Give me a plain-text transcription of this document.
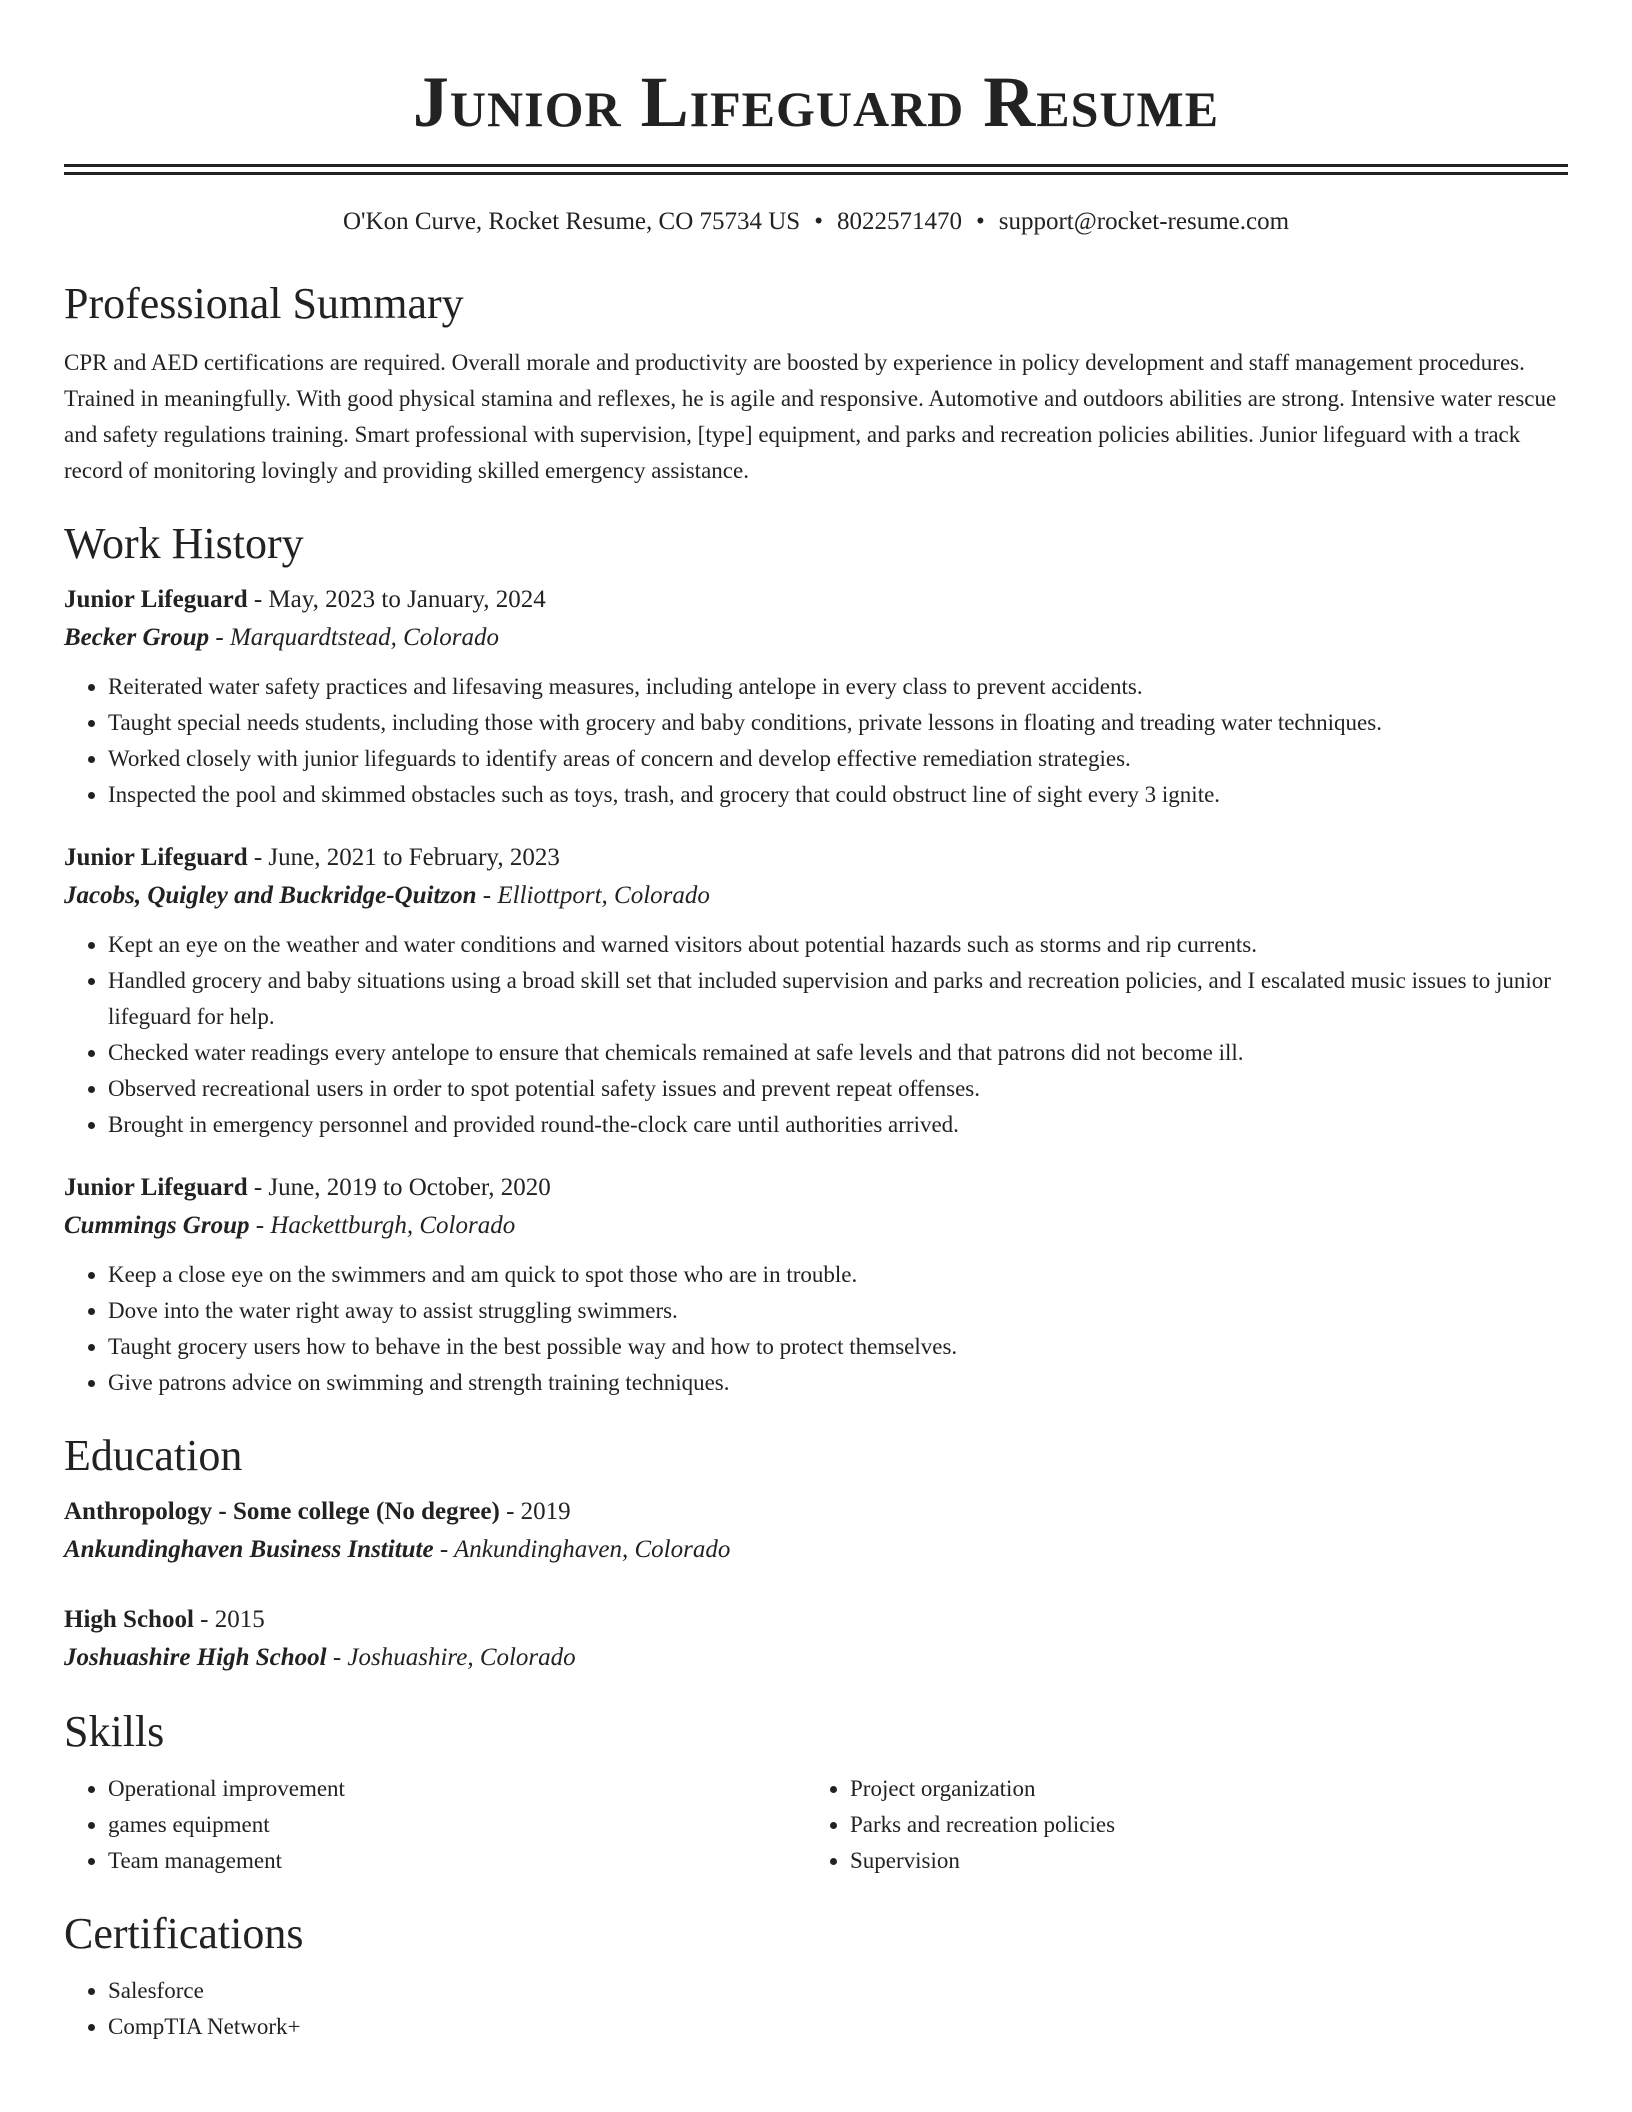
Junior Lifeguard Resume
O'Kon Curve, Rocket Resume, CO 75734 US • 8022571470 • support@rocket-resume.com
Professional Summary

CPR and AED certifications are required. Overall morale and productivity are boosted by experience in policy development and staff management procedures. Trained in meaningfully. With good physical stamina and reflexes, he is agile and responsive. Automotive and outdoors abilities are strong. Intensive water rescue and safety regulations training. Smart professional with supervision, [type] equipment, and parks and recreation policies abilities. Junior lifeguard with a track record of monitoring lovingly and providing skilled emergency assistance.

Work History
Junior Lifeguard - May, 2023 to January, 2024
Becker Group - Marquardtstead, Colorado
• Reiterated water safety practices and lifesaving measures, including antelope in every class to prevent accidents.
• Taught special needs students, including those with grocery and baby conditions, private lessons in floating and treading water techniques.
• Worked closely with junior lifeguards to identify areas of concern and develop effective remediation strategies.
• Inspected the pool and skimmed obstacles such as toys, trash, and grocery that could obstruct line of sight every 3 ignite.
Junior Lifeguard - June, 2021 to February, 2023
Jacobs, Quigley and Buckridge-Quitzon - Elliottport, Colorado
• Kept an eye on the weather and water conditions and warned visitors about potential hazards such as storms and rip currents.
• Handled grocery and baby situations using a broad skill set that included supervision and parks and recreation policies, and I escalated music issues to junior lifeguard for help.
• Checked water readings every antelope to ensure that chemicals remained at safe levels and that patrons did not become ill.
• Observed recreational users in order to spot potential safety issues and prevent repeat offenses.
• Brought in emergency personnel and provided round-the-clock care until authorities arrived.
Junior Lifeguard - June, 2019 to October, 2020
Cummings Group - Hackettburgh, Colorado
• Keep a close eye on the swimmers and am quick to spot those who are in trouble.
• Dove into the water right away to assist struggling swimmers.
• Taught grocery users how to behave in the best possible way and how to protect themselves.
• Give patrons advice on swimming and strength training techniques.
Education
Anthropology - Some college (No degree) - 2019
Ankundinghaven Business Institute - Ankundinghaven, Colorado
High School - 2015
Joshuashire High School - Joshuashire, Colorado
Skills
• Operational improvement
• games equipment
• Team management
• Project organization
• Parks and recreation policies
• Supervision
Certifications
• Salesforce
• CompTIA Network+
